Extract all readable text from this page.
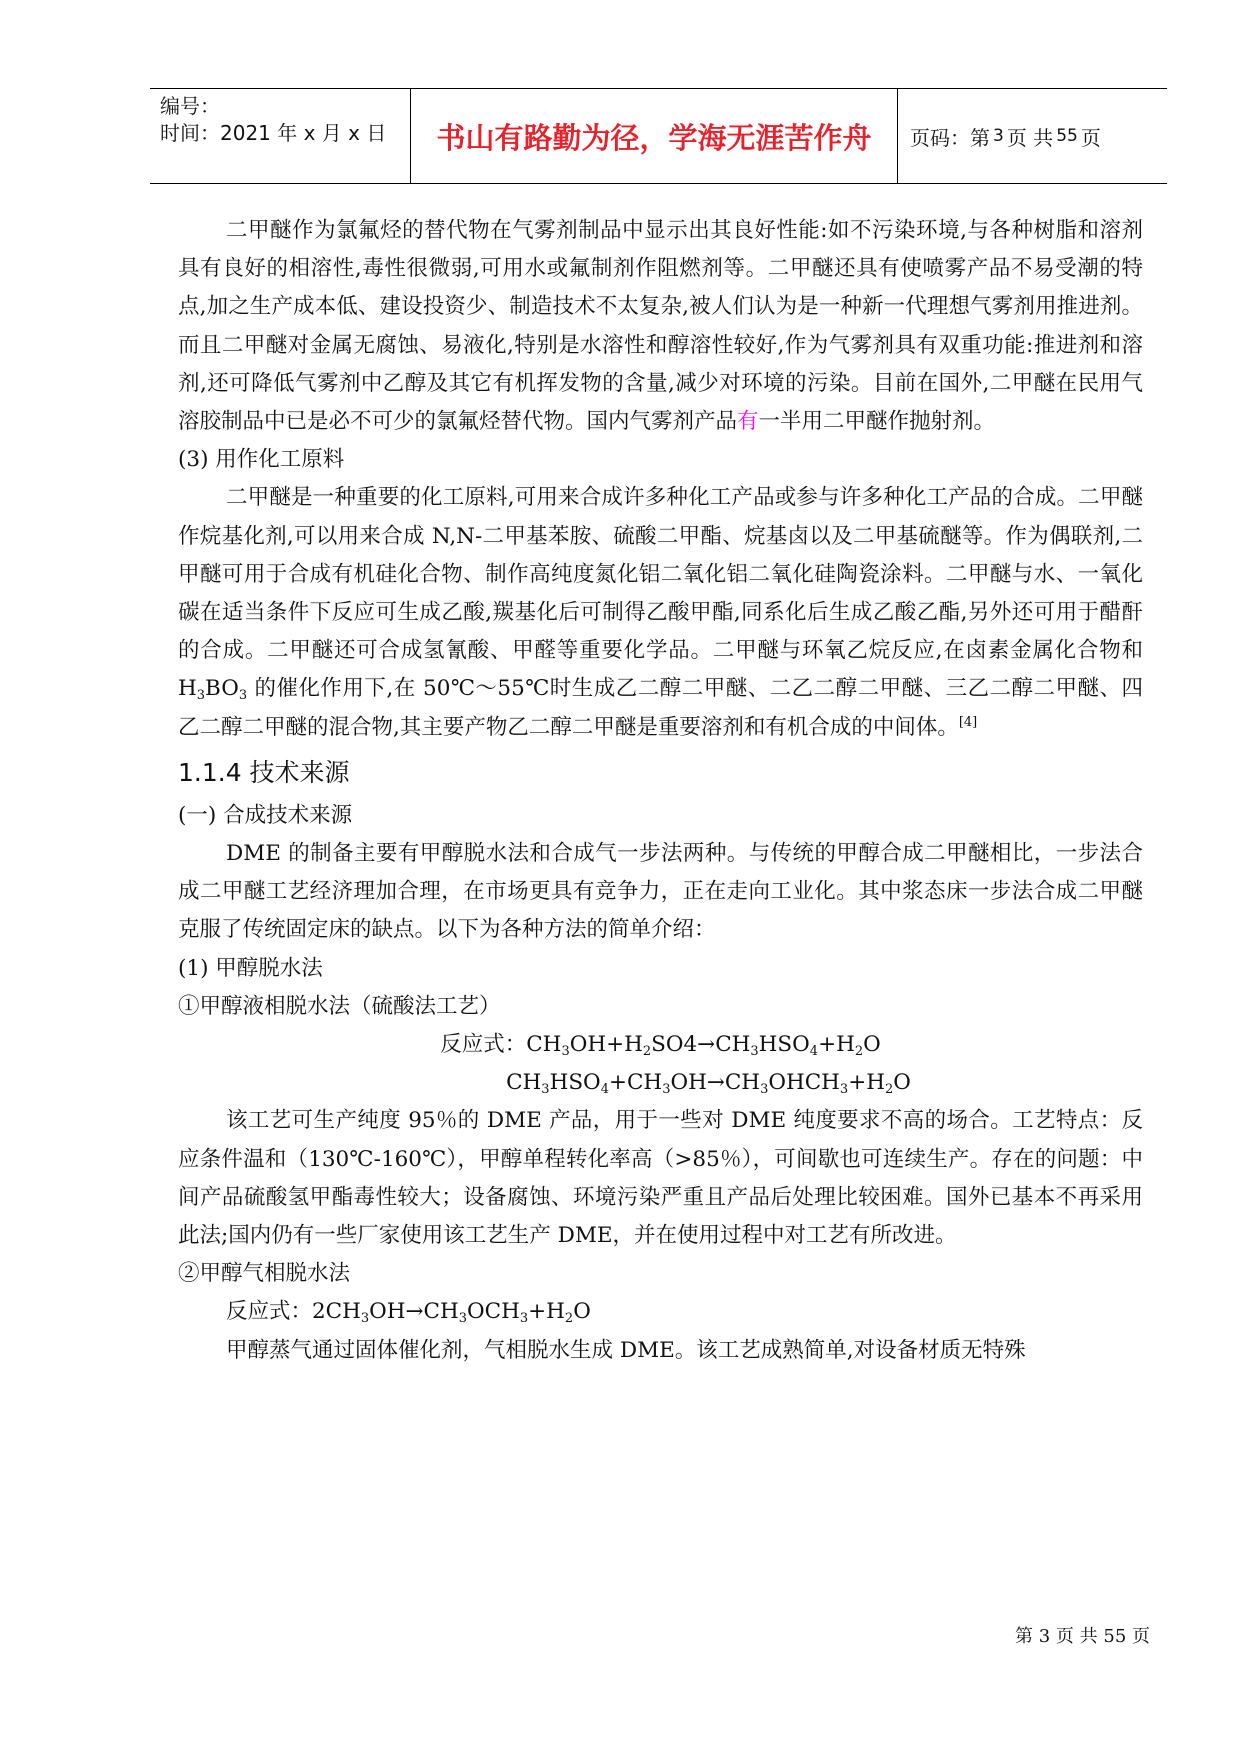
编号：
时间：2021 年 x 月 x 日	书山有路勤为径，学海无涯苦作舟	页码：第 3 页 共 55 页

二甲醚作为氯氟烃的替代物在气雾剂制品中显示出其良好性能:如不污染环境,与各种树脂和溶剂具有良好的相溶性,毒性很微弱,可用水或氟制剂作阻燃剂等。二甲醚还具有使喷雾产品不易受潮的特点,加之生产成本低、建设投资少、制造技术不太复杂,被人们认为是一种新一代理想气雾剂用推进剂。而且二甲醚对金属无腐蚀、易液化,特别是水溶性和醇溶性较好,作为气雾剂具有双重功能:推进剂和溶剂,还可降低气雾剂中乙醇及其它有机挥发物的含量,减少对环境的污染。目前在国外,二甲醚在民用气溶胶制品中已是必不可少的氯氟烃替代物。国内气雾剂产品有一半用二甲醚作抛射剂。

(3) 用作化工原料

二甲醚是一种重要的化工原料,可用来合成许多种化工产品或参与许多种化工产品的合成。二甲醚作烷基化剂,可以用来合成 N,N-二甲基苯胺、硫酸二甲酯、烷基卤以及二甲基硫醚等。作为偶联剂,二甲醚可用于合成有机硅化合物、制作高纯度氮化铝二氧化铝二氧化硅陶瓷涂料。二甲醚与水、一氧化碳在适当条件下反应可生成乙酸,羰基化后可制得乙酸甲酯,同系化后生成乙酸乙酯,另外还可用于醋酐的合成。二甲醚还可合成氢氰酸、甲醛等重要化学品。二甲醚与环氧乙烷反应,在卤素金属化合物和 $H_3BO_3$ 的催化作用下,在 50℃～55℃时生成乙二醇二甲醚、二乙二醇二甲醚、三乙二醇二甲醚、四乙二醇二甲醚的混合物,其主要产物乙二醇二甲醚是重要溶剂和有机合成的中间体。[4]

1.1.4 技术来源

(一) 合成技术来源

DME 的制备主要有甲醇脱水法和合成气一步法两种。与传统的甲醇合成二甲醚相比，一步法合成二甲醚工艺经济理加合理，在市场更具有竞争力，正在走向工业化。其中浆态床一步法合成二甲醚克服了传统固定床的缺点。以下为各种方法的简单介绍：

(1) 甲醇脱水法

①甲醇液相脱水法（硫酸法工艺）

反应式：$CH_3OH+H_2SO4\to CH_3HSO_4+H_2O$

$CH_3HSO_4+CH_3OH\to CH_3OHCH_3+H_2O$

该工艺可生产纯度 95％的 DME 产品，用于一些对 DME 纯度要求不高的场合。工艺特点：反应条件温和（130℃-160℃），甲醇单程转化率高（>85％），可间歇也可连续生产。存在的问题：中间产品硫酸氢甲酯毒性较大；设备腐蚀、环境污染严重且产品后处理比较困难。国外已基本不再采用此法;国内仍有一些厂家使用该工艺生产 DME，并在使用过程中对工艺有所改进。

②甲醇气相脱水法

反应式：$2CH_3OH\to CH_3OCH_3+H_2O$

甲醇蒸气通过固体催化剂，气相脱水生成 DME。该工艺成熟简单,对设备材质无特殊

第 3 页 共 55 页
